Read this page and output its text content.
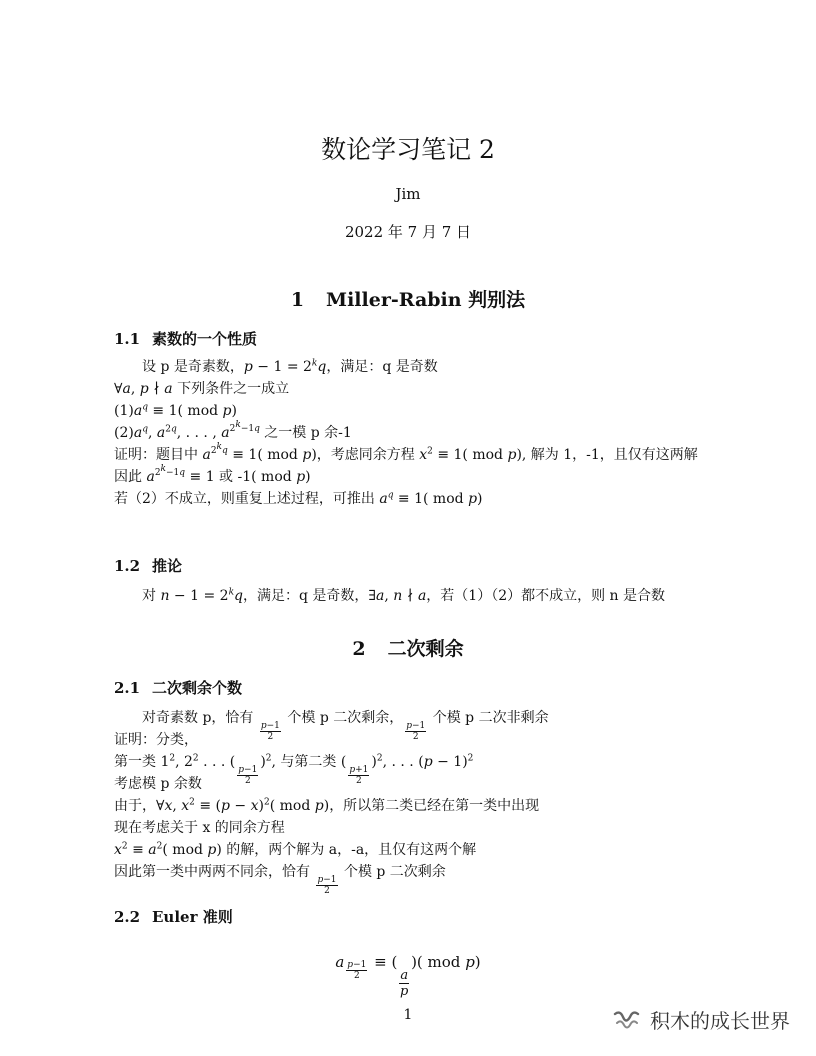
数论学习笔记 2
Jim
2022 年 7 月 7 日
1 Miller-Rabin 判别法
1.1 素数的一个性质
设 p 是奇素数，$p - 1 = 2^kq$，满足：q 是奇数
∀a, p ∤ a 下列条件之一成立
$(1)a^q \equiv 1$( mod p)
$(2)a^q$, $a^{2q}$, . . . , $a^{2^k-1q}$ 之一模 p 余-1
证明：题目中 $a^{2^kq} \equiv 1$( mod p)，考虑同余方程 $x^2 \equiv 1$( mod p), 解为 1，-1，且仅有这两解
因此 $a^{2^k-1q} \equiv 1$ 或 -1( mod p)
若（2）不成立，则重复上述过程，可推出 $a^q \equiv 1$( mod p)
1.2 推论
对 $n - 1 = 2^kq$，满足：q 是奇数，∃a, n ∤ a，若（1）（2）都不成立，则 n 是合数
2 二次剩余
2.1 二次剩余个数
对奇素数 p，恰有
$\frac{p-1}{2}$
个模 p 二次剩余，
$\frac{p-1}{2}$
个模 p 二次非剩余
证明：分类，
第一类 $1^2$, $2^2$ . . . (
$\frac{p-1}{2}$
)$^2$, 与第二类 (
$\frac{p+1}{2}$
)$^2$, . . . $(p - 1)^2$
考虑模 p 余数
由于，∀x, $x^2 \equiv (p - x)^2$( mod p)，所以第二类已经在第一类中出现
现在考虑关于 x 的同余方程
$x^2 \equiv a^2$( mod p) 的解，两个解为 a，-a，且仅有这两个解
因此第一类中两两不同余，恰有
$\frac{p-1}{2}$
个模 p 二次剩余
2.2 Euler 准则
a $^{\frac{p-1}{2}}$ ≡ (
$\frac{a}{p}$
)( mod p)
1	积木的成长世界
